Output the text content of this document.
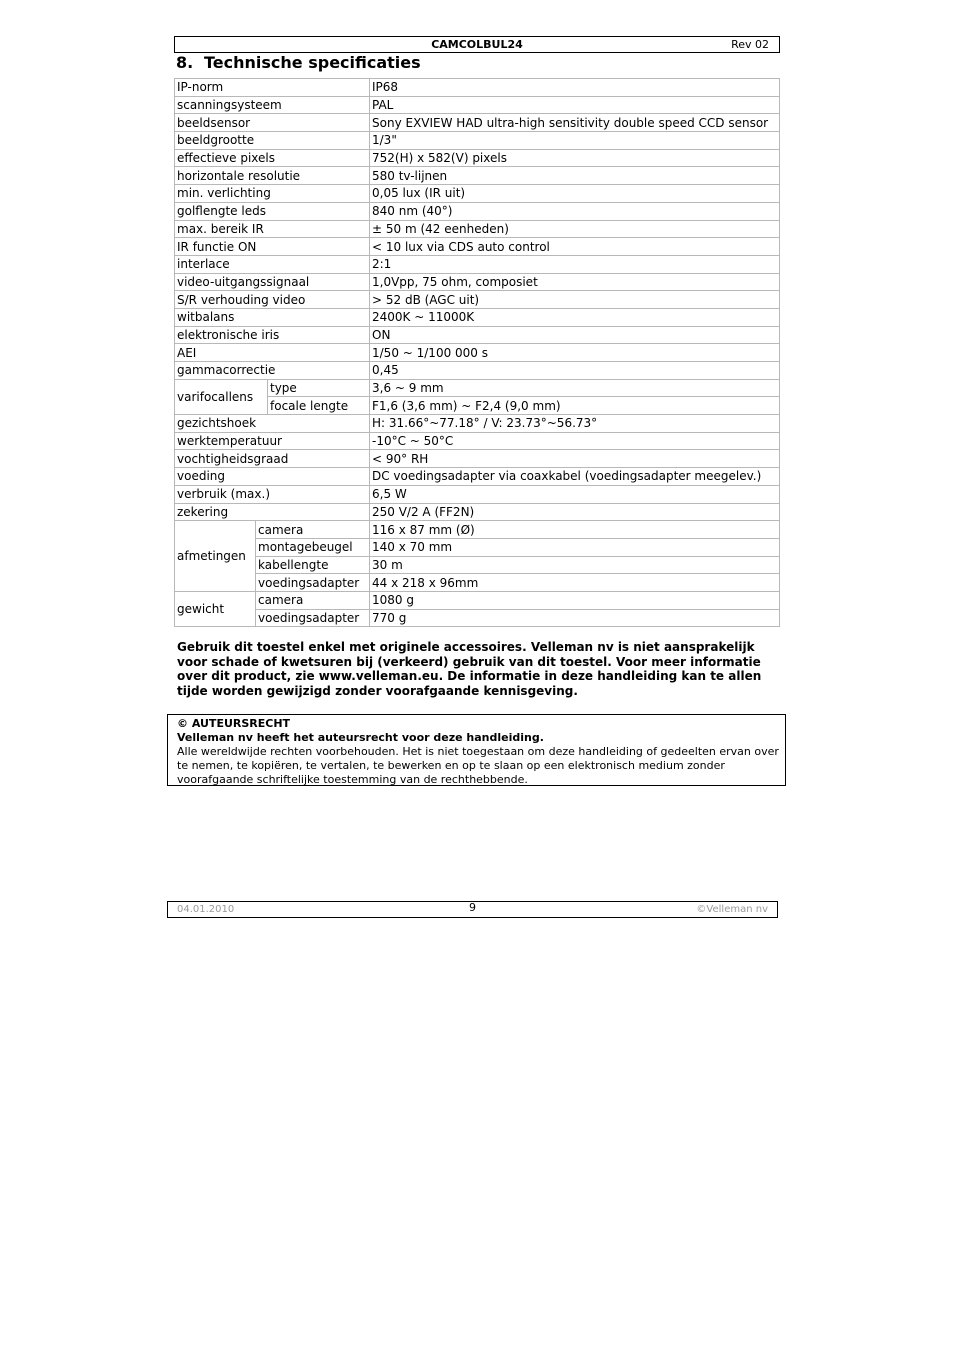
CAMCOLBUL24	Rev 02
8. Technische specificaties
IP-norm			IP68
scanningsysteem			PAL
beeldsensor			Sony EXVIEW HAD ultra-high sensitivity double speed CCD sensor
beeldgrootte			1/3"
effectieve pixels			752(H) x 582(V) pixels
horizontale resolutie			580 tv-lijnen
min. verlichting			0,05 lux (IR uit)
golflengte leds			840 nm (40°)
max. bereik IR			± 50 m (42 eenheden)
IR functie ON			< 10 lux via CDS auto control
interlace			2:1
video-uitgangssignaal			1,0Vpp, 75 ohm, composiet
S/R verhouding video			> 52 dB (AGC uit)
witbalans			2400K ~ 11000K
elektronische iris			ON
AEI			1/50 ~ 1/100 000 s
gammacorrectie			0,45
varifocallens		type	3,6 ~ 9 mm
		focale lengte	F1,6 (3,6 mm) ~ F2,4 (9,0 mm)
gezichtshoek			H: 31.66°~77.18° / V: 23.73°~56.73°
werktemperatuur			-10°C ~ 50°C
vochtigheidsgraad			< 90° RH
voeding			DC voedingsadapter via coaxkabel (voedingsadapter meegelev.)
verbruik (max.)			6,5 W
zekering			250 V/2 A (FF2N)
afmetingen	camera		116 x 87 mm (Ø)
	montagebeugel		140 x 70 mm
	kabellengte		30 m
	voedingsadapter		44 x 218 x 96mm
gewicht	camera		1080 g
	voedingsadapter		770 g

Gebruik dit toestel enkel met originele accessoires. Velleman nv is niet aansprakelijk voor schade of kwetsuren bij (verkeerd) gebruik van dit toestel. Voor meer informatie over dit product, zie www.velleman.eu. De informatie in deze handleiding kan te allen tijde worden gewijzigd zonder voorafgaande kennisgeving.

© AUTEURSRECHT
Velleman nv heeft het auteursrecht voor deze handleiding.
Alle wereldwijde rechten voorbehouden. Het is niet toegestaan om deze handleiding of gedeelten ervan over te nemen, te kopiëren, te vertalen, te bewerken en op te slaan op een elektronisch medium zonder voorafgaande schriftelijke toestemming van de rechthebbende.
04.01.2010	9	©Velleman nv
